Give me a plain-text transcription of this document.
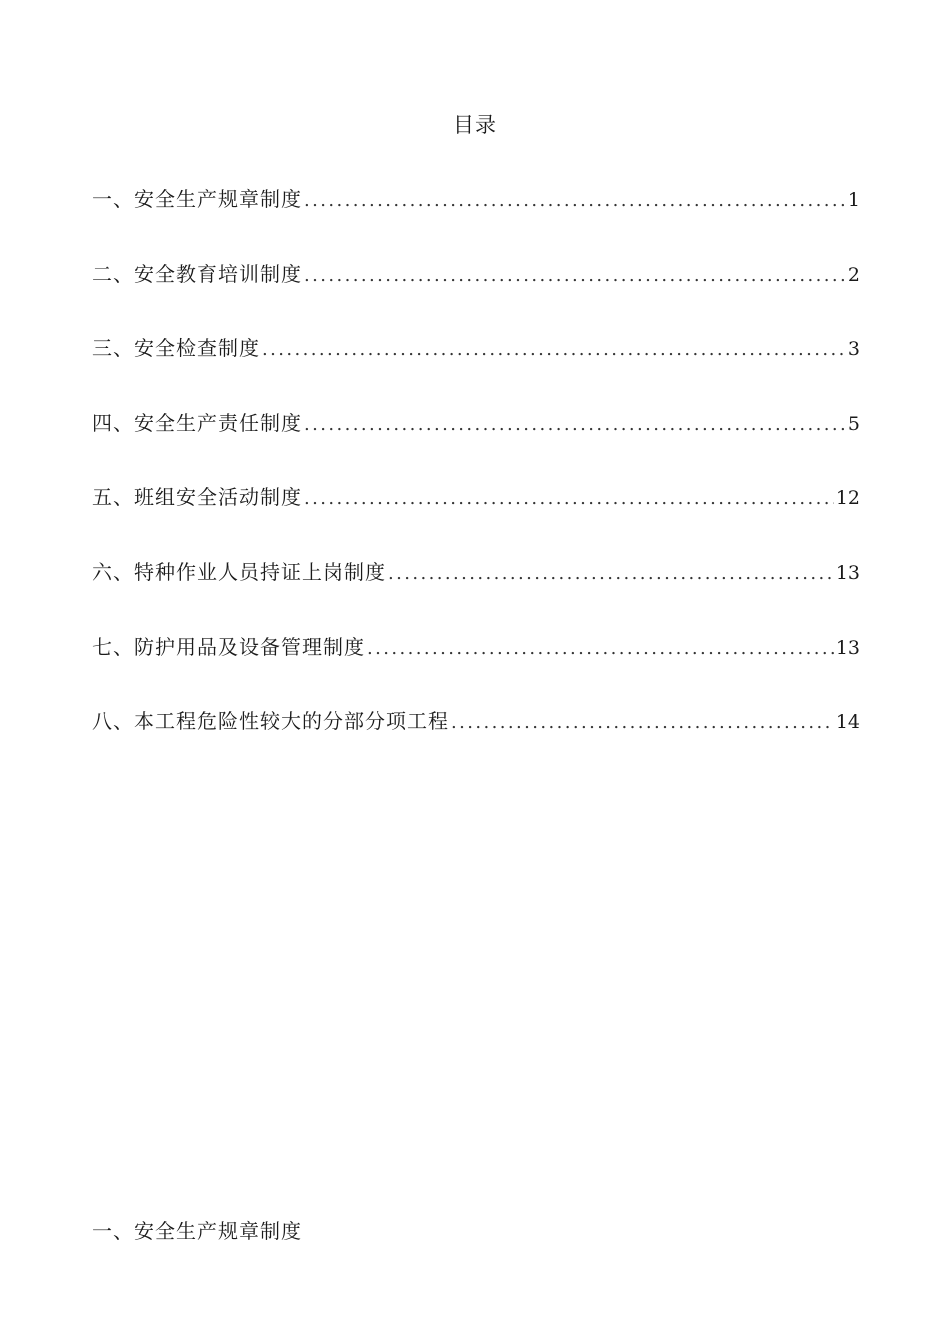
目录
一、安全生产规章制度 .....	1
二、安全教育培训制度 .....	2
三、安全检查制度 .....	3
四、安全生产责任制度 .....	5
五、班组安全活动制度 .....	12
六、特种作业人员持证上岗制度 .....	13
七、防护用品及设备管理制度 .....	13
八、本工程危险性较大的分部分项工程 .....	14
一、安全生产规章制度
